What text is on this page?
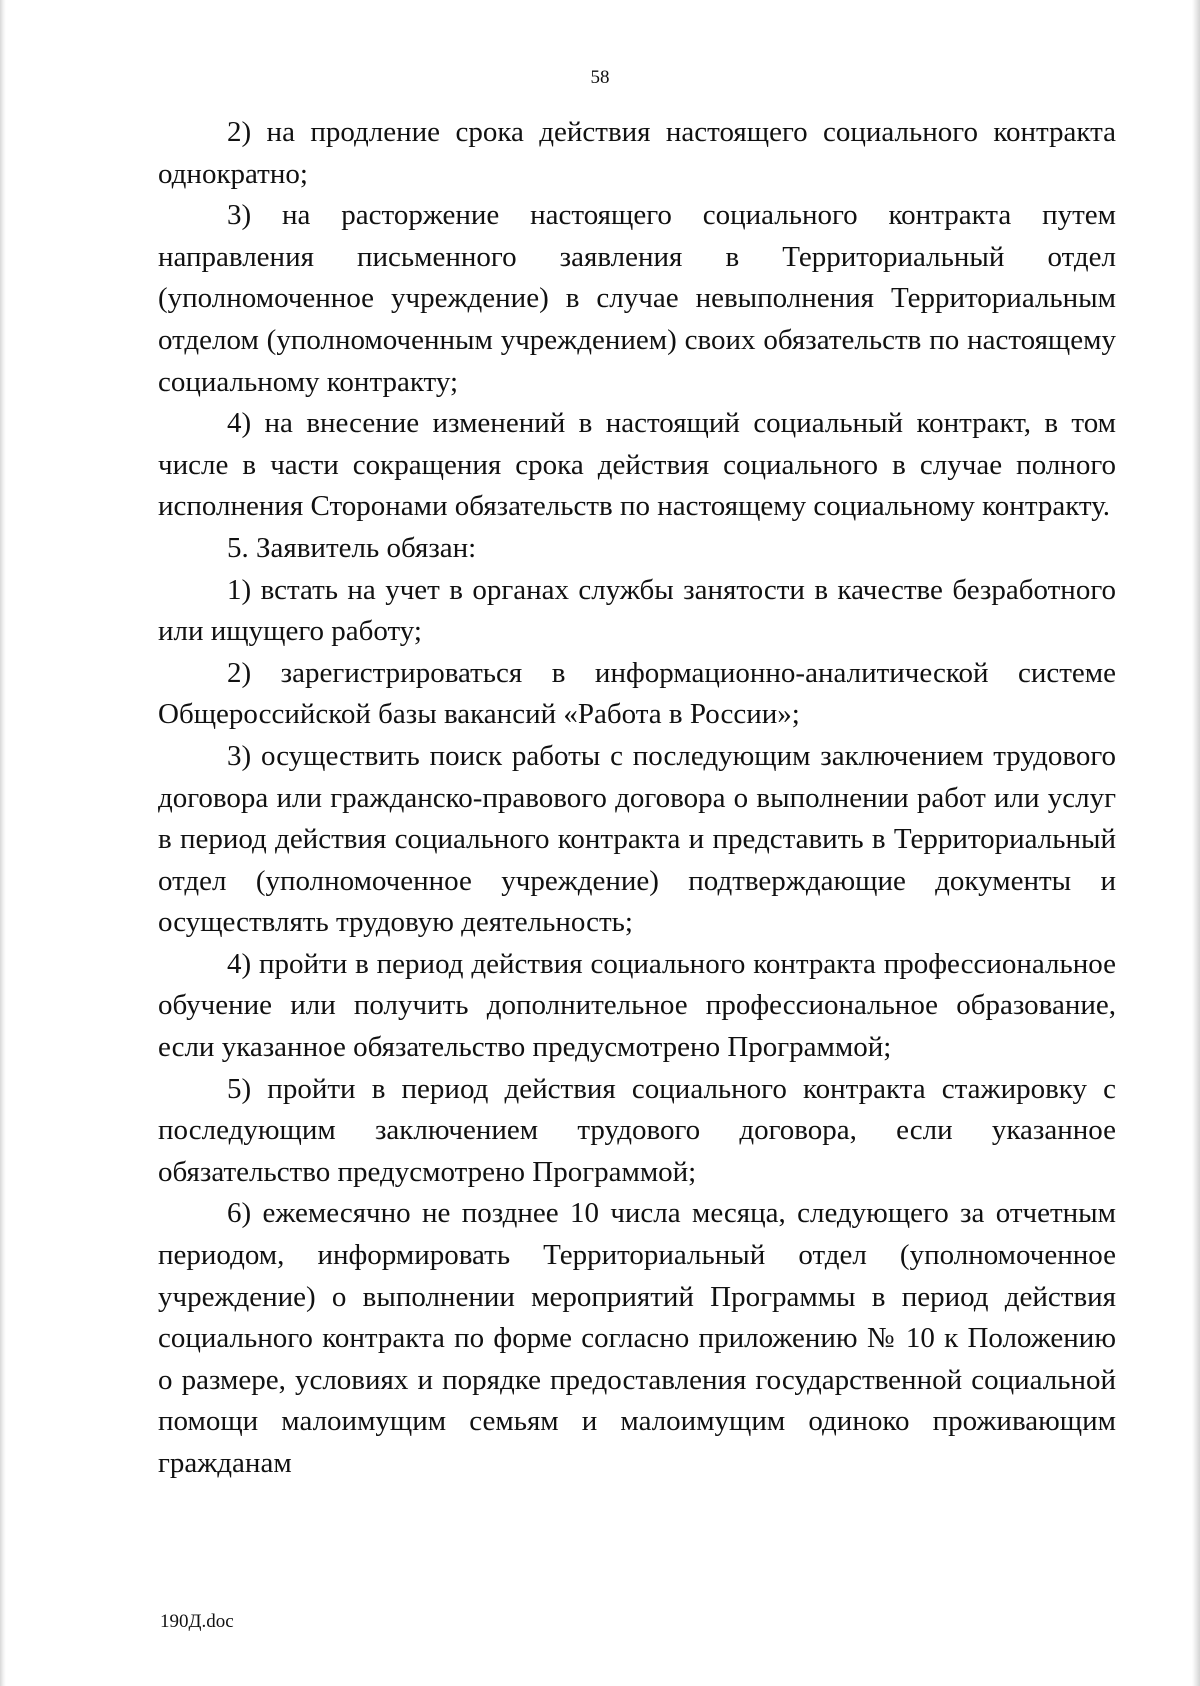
58

2) на продление срока действия настоящего социального контракта однократно;

3) на расторжение настоящего социального контракта путем направления письменного заявления в Территориальный отдел (уполномоченное учреждение) в случае невыполнения Территориальным отделом (уполномоченным учреждением) своих обязательств по настоящему социальному контракту;

4) на внесение изменений в настоящий социальный контракт, в том числе в части сокращения срока действия социального в случае полного исполнения Сторонами обязательств по настоящему социальному контракту.

5. Заявитель обязан:

1) встать на учет в органах службы занятости в качестве безработного или ищущего работу;

2) зарегистрироваться в информационно-аналитической системе Общероссийской базы вакансий «Работа в России»;

3) осуществить поиск работы с последующим заключением трудового договора или гражданско-правового договора о выполнении работ или услуг в период действия социального контракта и представить в Территориальный отдел (уполномоченное учреждение) подтверждающие документы и осуществлять трудовую деятельность;

4) пройти в период действия социального контракта профессиональное обучение или получить дополнительное профессиональное образование, если указанное обязательство предусмотрено Программой;

5) пройти в период действия социального контракта стажировку с последующим заключением трудового договора, если указанное обязательство предусмотрено Программой;

6) ежемесячно не позднее 10 числа месяца, следующего за отчетным периодом, информировать Территориальный отдел (уполномоченное учреждение) о выполнении мероприятий Программы в период действия социального контракта по форме согласно приложению № 10 к Положению о размере, условиях и порядке предоставления государственной социальной помощи малоимущим семьям и малоимущим одиноко проживающим гражданам

190Д.doc
